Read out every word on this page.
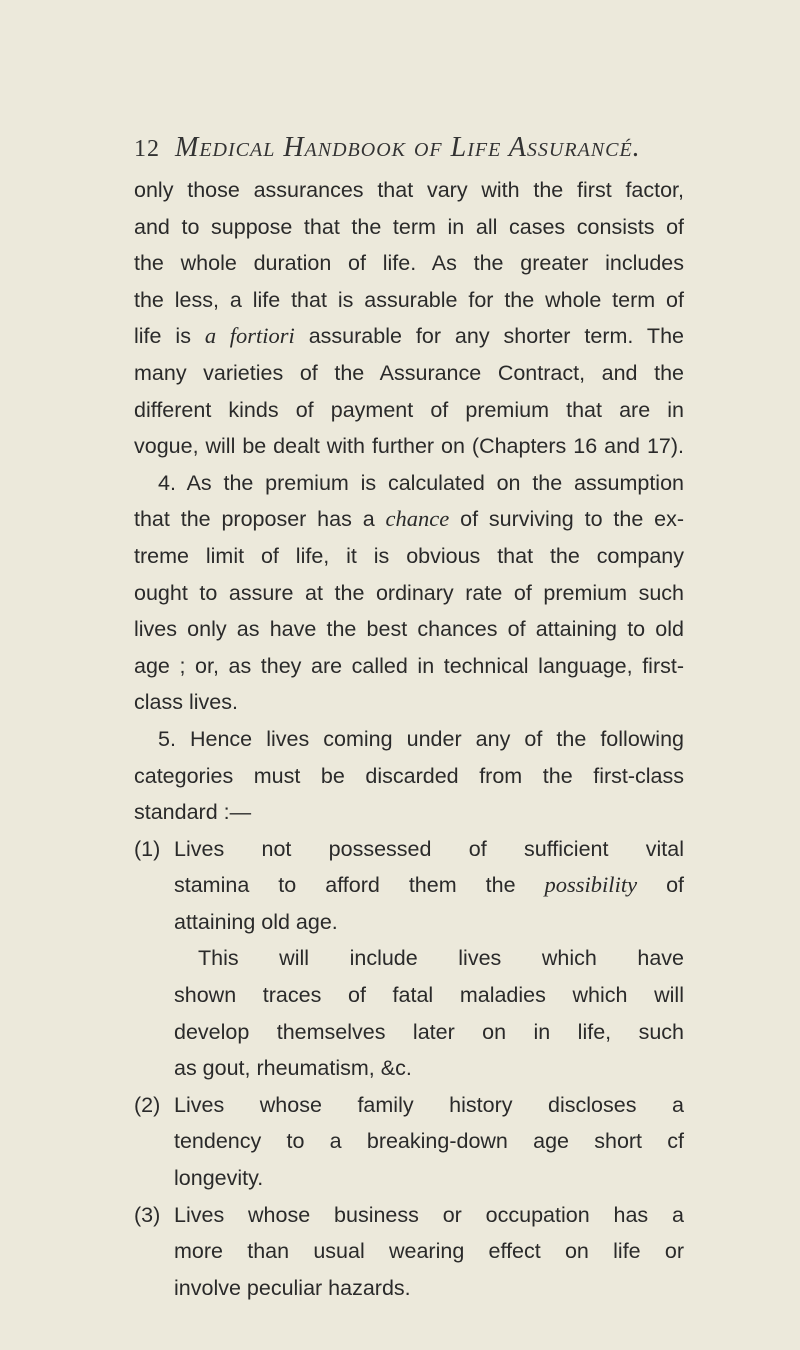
12 Medical Handbook of Life Assurancé.
only those assurances that vary with the first factor,
and to suppose that the term in all cases consists of
the whole duration of life. As the greater includes
the less, a life that is assurable for the whole term of
life is a fortiori assurable for any shorter term. The
many varieties of the Assurance Contract, and the
different kinds of payment of premium that are in
vogue, will be dealt with further on (Chapters 16 and 17).
4. As the premium is calculated on the assumption
that the proposer has a chance of surviving to the ex-
treme limit of life, it is obvious that the company
ought to assure at the ordinary rate of premium such
lives only as have the best chances of attaining to old
age ; or, as they are called in technical language, first-
class lives.
5. Hence lives coming under any of the following
categories must be discarded from the first-class
standard :—
(1) Lives not possessed of sufficient vital
stamina to afford them the possibility of
attaining old age.
This will include lives which have
shown traces of fatal maladies which will
develop themselves later on in life, such
as gout, rheumatism, &c.
(2) Lives whose family history discloses a
tendency to a breaking-down age short cf
longevity.
(3) Lives whose business or occupation has a
more than usual wearing effect on life or
involve peculiar hazards.
